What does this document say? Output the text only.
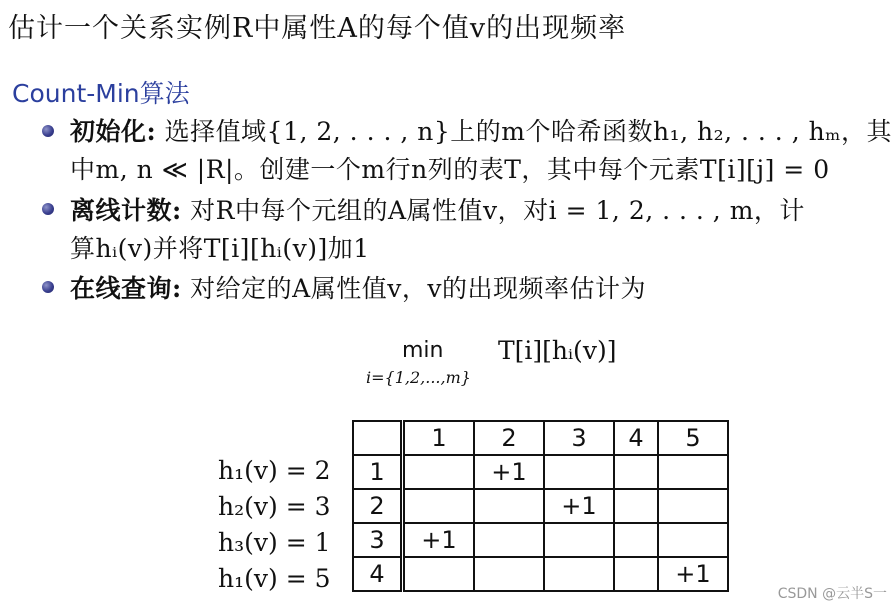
估计一个关系实例R中属性A的每个值v的出现频率
Count-Min算法
初始化: 选择值域{1, 2, . . . , n}上的m个哈希函数h₁, h₂, . . . , hₘ，其
中m, n ≪ |R|。创建一个m行n列的表T，其中每个元素T[i][j] = 0
离线计数: 对R中每个元组的A属性值v，对i = 1, 2, . . . , m，计
算hᵢ(v)并将T[i][hᵢ(v)]加1
在线查询: 对给定的A属性值v，v的出现频率估计为
min
i={1,2,...,m}
T[i][hᵢ(v)]
h₁(v) = 2
h₂(v) = 3
h₃(v) = 1
h₁(v) = 5
	1	2	3	4	5
1		+1			
2			+1		
3	+1				
4					+1
CSDN @云半S一
